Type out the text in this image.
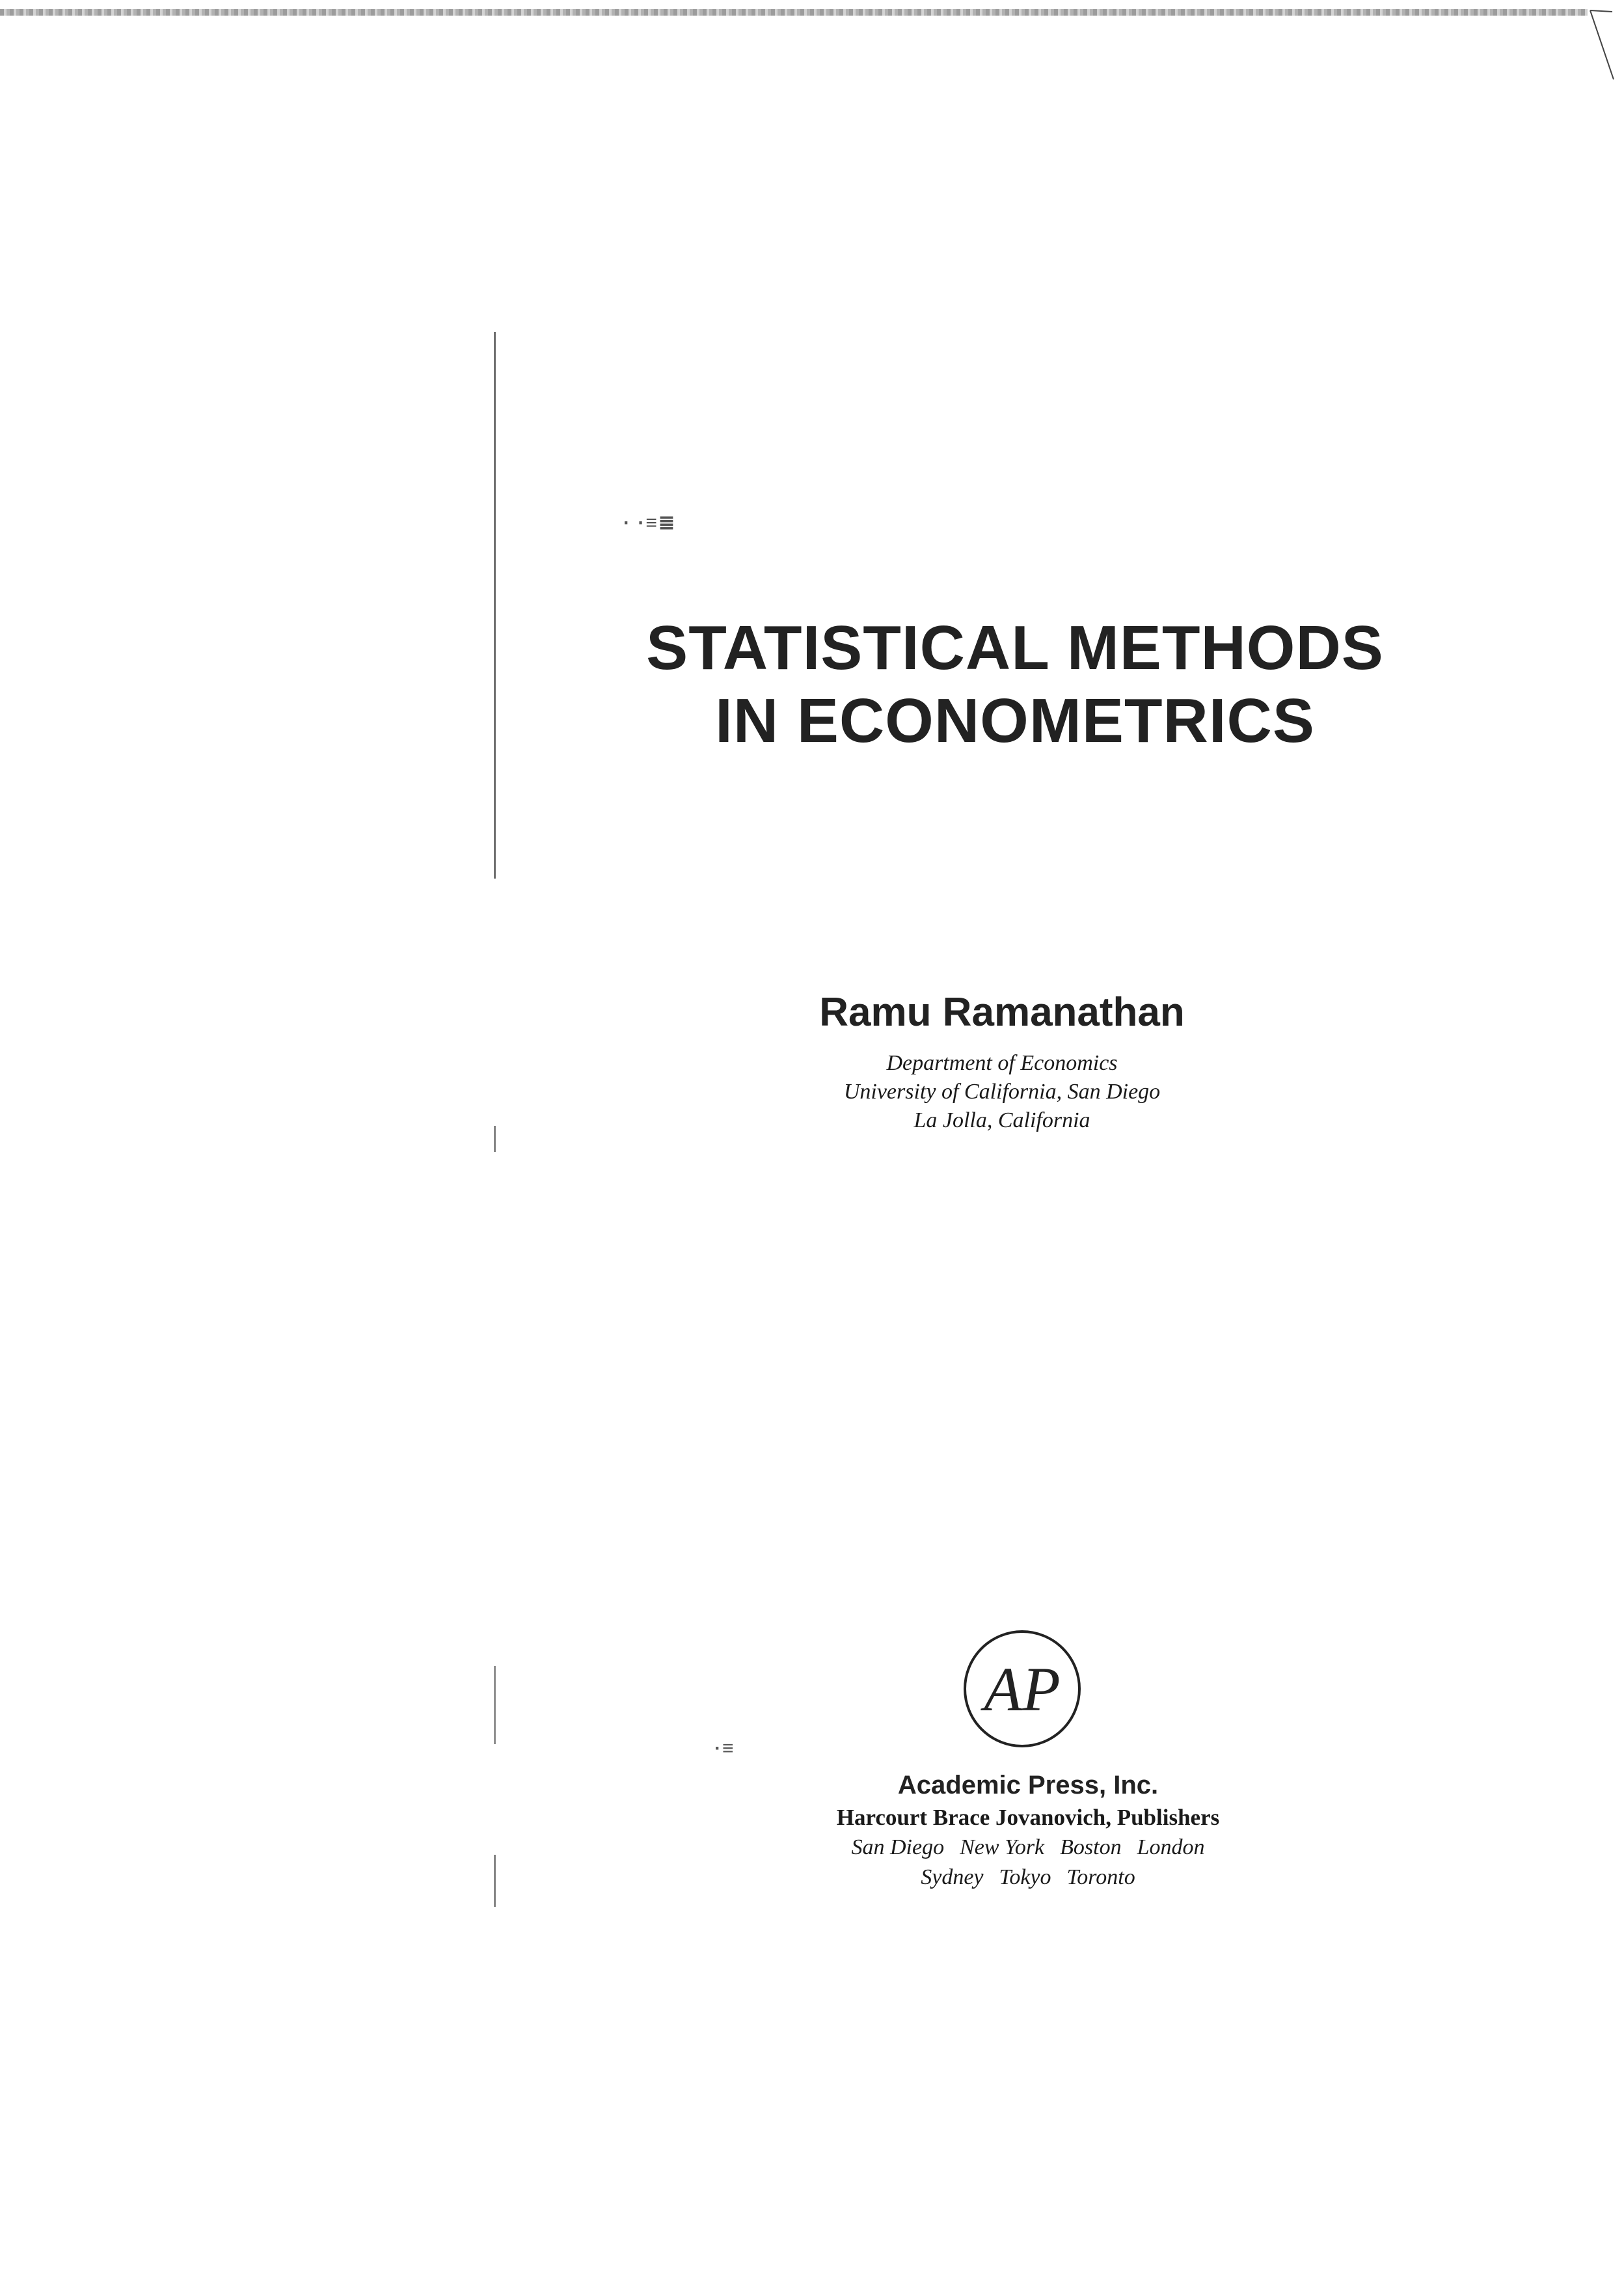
· ·≡≣
·≡
STATISTICAL METHODS
IN ECONOMETRICS
Ramu Ramanathan
Department of Economics
University of California, San Diego
La Jolla, California
AP
Academic Press, Inc.
Harcourt Brace Jovanovich, Publishers
San Diego New York Boston London
Sydney Tokyo Toronto
